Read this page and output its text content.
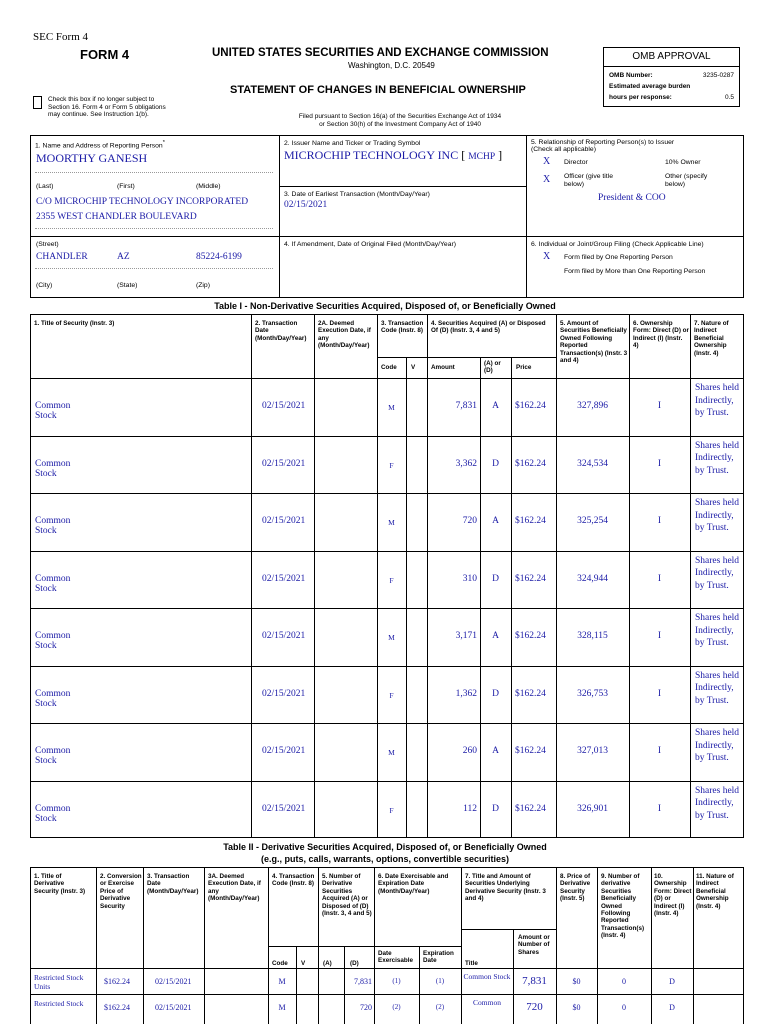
SEC Form 4
FORM 4	UNITED STATES SECURITIES AND EXCHANGE COMMISSION
Washington, D.C. 20549
OMB APPROVAL
OMB Number:	3235-0287
Estimated average burden
hours per response:	0.5
STATEMENT OF CHANGES IN BENEFICIAL OWNERSHIP
Check this box if no longer subject to Section 16. Form 4 or Form 5 obligations may continue. See Instruction 1(b).	Filed pursuant to Section 16(a) of the Securities Exchange Act of 1934
or Section 30(h) of the Investment Company Act of 1940
1. Name and Address of Reporting Person*
MOORTHY GANESH
(Last)	(First)	(Middle)
C/O MICROCHIP TECHNOLOGY INCORPORATED
2355 WEST CHANDLER BOULEVARD
(Street)
CHANDLER	AZ	85224-6199
(City)	(State)	(Zip)
2. Issuer Name and Ticker or Trading Symbol
MICROCHIP TECHNOLOGY INC [ MCHP ]
3. Date of Earliest Transaction (Month/Day/Year)
02/15/2021
4. If Amendment, Date of Original Filed (Month/Day/Year)
5. Relationship of Reporting Person(s) to Issuer
(Check all applicable)
X Director	10% Owner
X Officer (give title
below)
Other (specify
below)
President & COO
6. Individual or Joint/Group Filing (Check Applicable Line)
X Form filed by One Reporting Person
Form filed by More than One Reporting Person
Table I - Non-Derivative Securities Acquired, Disposed of, or Beneficially Owned
1. Title of Security (Instr. 3)	2. Transaction Date (Month/Day/Year)
2A. Deemed Execution Date, if any (Month/Day/Year)
3. Transaction Code (Instr. 8)
4. Securities Acquired (A) or Disposed Of (D) (Instr. 3, 4 and 5)
5. Amount of Securities Beneficially Owned Following Reported Transaction(s) (Instr. 3 and 4)
6. Ownership Form: Direct (D) or Indirect (I) (Instr. 4)
7. Nature of Indirect Beneficial Ownership (Instr. 4)
Code V	Amount
(A) or (D)	Price
Common Stock
02/15/2021	M	7,831	A	$162.24	327,896	I
Shares held Indirectly, by Trust.
Common Stock
02/15/2021	F	3,362	D	$162.24	324,534	I
Shares held Indirectly, by Trust.
Common Stock
02/15/2021	M	720	A	$162.24	325,254	I
Shares held Indirectly, by Trust.
Common Stock
02/15/2021	F	310	D	$162.24	324,944	I
Shares held Indirectly, by Trust.
Common Stock
02/15/2021	M	3,171	A	$162.24	328,115	I
Shares held Indirectly, by Trust.
Common Stock
02/15/2021	F	1,362	D	$162.24	326,753	I
Shares held Indirectly, by Trust.
Common Stock
02/15/2021	M	260	A	$162.24	327,013	I
Shares held Indirectly, by Trust.
Common Stock
02/15/2021	F	112	D	$162.24	326,901	I
Shares held Indirectly, by Trust.
Table II - Derivative Securities Acquired, Disposed of, or Beneficially Owned
(e.g., puts, calls, warrants, options, convertible securities)
1. Title of Derivative Security (Instr. 3)
2. Conversion or Exercise Price of Derivative Security
3. Transaction Date (Month/Day/Year)
3A. Deemed Execution Date, if any (Month/Day/Year)
4. Transaction Code (Instr. 8)
5. Number of Derivative Securities Acquired (A) or Disposed of (D) (Instr. 3, 4 and 5)
6. Date Exercisable and Expiration Date (Month/Day/Year)
7. Title and Amount of Securities Underlying Derivative Security (Instr. 3 and 4)
8. Price of Derivative Security (Instr. 5)
9. Number of derivative Securities Beneficially Owned Following Reported Transaction(s) (Instr. 4)
10. Ownership Form: Direct (D) or Indirect (I) (Instr. 4)
11. Nature of Indirect Beneficial Ownership (Instr. 4)
Code V	(A)	(D)
Date Exercisable
Expiration Date	Title
Amount or Number of Shares
Restricted Stock Units
$162.24	02/15/2021	M	7,831	(1)	(1)	Common Stock	7,831	$0	0	D
Restricted Stock	$162.24	02/15/2021	M	720	(2)	(2)	Common	720	$0	0	D
